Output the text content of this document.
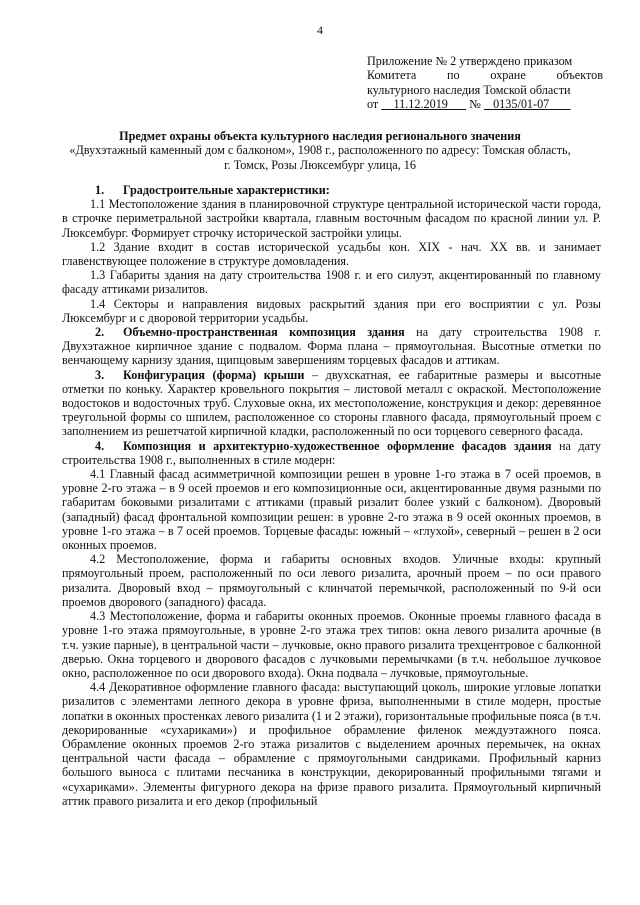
4
Приложение № 2 утверждено приказом
Комитета	по	охране	объектов
культурного наследия Томской области
от 11.12.2019 № 0135/01-07
Предмет охраны объекта культурного наследия регионального значения
«Двухэтажный каменный дом с балконом», 1908 г., расположенного по адресу: Томская область,
г. Томск, Розы Люксембург улица, 16

1. Градостроительные характеристики:

1.1 Местоположение здания в планировочной структуре центральной исторической части города, в строчке периметральной застройки квартала, главным восточным фасадом по красной линии ул. Р. Люксембург. Формирует строчку исторической застройки улицы.

1.2 Здание входит в состав исторической усадьбы кон. XIX - нач. XX вв. и занимает главенствующее положение в структуре домовладения.

1.3 Габариты здания на дату строительства 1908 г. и его силуэт, акцентированный по главному фасаду аттиками ризалитов.

1.4 Секторы и направления видовых раскрытий здания при его восприятии с ул. Розы Люксембург и с дворовой территории усадьбы.

2. Объемно-пространственная композиция здания на дату строительства 1908 г. Двухэтажное кирпичное здание с подвалом. Форма плана – прямоугольная. Высотные отметки по венчающему карнизу здания, щипцовым завершениям торцевых фасадов и аттикам.

3. Конфигурация (форма) крыши – двухскатная, ее габаритные размеры и высотные отметки по коньку. Характер кровельного покрытия – листовой металл с окраской. Местоположение водостоков и водосточных труб. Слуховые окна, их местоположение, конструкция и декор: деревянное треугольной формы со шпилем, расположенное со стороны главного фасада, прямоугольный проем с заполнением из решетчатой кирпичной кладки, расположенный по оси торцевого северного фасада.

4. Композиция и архитектурно-художественное оформление фасадов здания на дату строительства 1908 г., выполненных в стиле модерн:

4.1 Главный фасад асимметричной композиции решен в уровне 1-го этажа в 7 осей проемов, в уровне 2-го этажа – в 9 осей проемов и его композиционные оси, акцентированные двумя разными по габаритам боковыми ризалитами с аттиками (правый ризалит более узкий с балконом). Дворовый (западный) фасад фронтальной композиции решен: в уровне 2-го этажа в 9 осей оконных проемов, в уровне 1-го этажа – в 7 осей проемов. Торцевые фасады: южный – «глухой», северный – решен в 2 оси оконных проемов.

4.2 Местоположение, форма и габариты основных входов. Уличные входы: крупный прямоугольный проем, расположенный по оси левого ризалита, арочный проем – по оси правого ризалита. Дворовый вход – прямоугольный с клинчатой перемычкой, расположенный по 9-й оси проемов дворового (западного) фасада.

4.3 Местоположение, форма и габариты оконных проемов. Оконные проемы главного фасада в уровне 1-го этажа прямоугольные, в уровне 2-го этажа трех типов: окна левого ризалита арочные (в т.ч. узкие парные), в центральной части – лучковые, окно правого ризалита трехцентровое с балконной дверью. Окна торцевого и дворового фасадов с лучковыми перемычками (в т.ч. небольшое лучковое окно, расположенное по оси дворового входа). Окна подвала – лучковые, прямоугольные.

4.4 Декоративное оформление главного фасада: выступающий цоколь, широкие угловые лопатки ризалитов с элементами лепного декора в уровне фриза, выполненными в стиле модерн, простые лопатки в оконных простенках левого ризалита (1 и 2 этажи), горизонтальные профильные пояса (в т.ч. декорированные «сухариками») и профильное обрамление филенок междуэтажного пояса. Обрамление оконных проемов 2-го этажа ризалитов с выделением арочных перемычек, на окнах центральной части фасада – обрамление с прямоугольными сандриками. Профильный карниз большого выноса с плитами песчаника в конструкции, декорированный профильными тягами и «сухариками». Элементы фигурного декора на фризе правого ризалита. Прямоугольный кирпичный аттик правого ризалита и его декор (профильный
